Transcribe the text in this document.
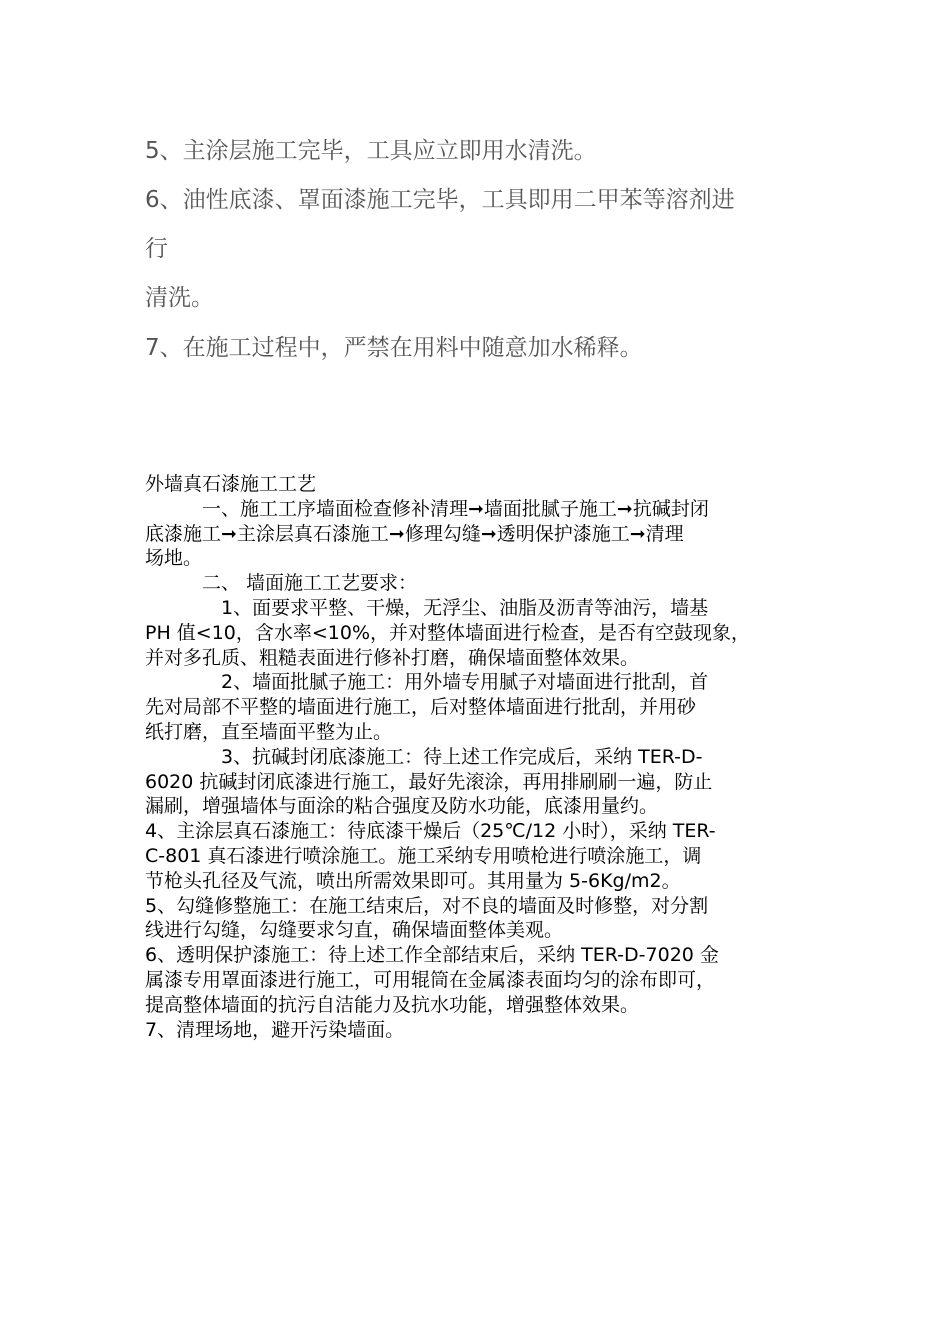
5、主涂层施工完毕，工具应立即用水清洗。

6、油性底漆、罩面漆施工完毕，工具即用二甲苯等溶剂进

行

清洗。

7、在施工过程中，严禁在用料中随意加水稀释。

外墙真石漆施工工艺

　　　一、施工工序墙面检查修补清理➞墙面批腻子施工➞抗碱封闭

底漆施工➞主涂层真石漆施工➞修理勾缝➞透明保护漆施工➞清理

场地。

　　　二、 墙面施工工艺要求：

　　　　1、面要求平整、干燥，无浮尘、油脂及沥青等油污，墙基

PH 值<10，含水率<10%，并对整体墙面进行检查，是否有空鼓现象，

并对多孔质、粗糙表面进行修补打磨，确保墙面整体效果。

　　　　2、墙面批腻子施工：用外墙专用腻子对墙面进行批刮，首

先对局部不平整的墙面进行施工，后对整体墙面进行批刮，并用砂

纸打磨，直至墙面平整为止。

　　　　3、抗碱封闭底漆施工：待上述工作完成后，采纳 TER-D-

6020 抗碱封闭底漆进行施工，最好先滚涂，再用排刷刷一遍，防止

漏刷，增强墙体与面涂的粘合强度及防水功能，底漆用量约。

4、主涂层真石漆施工：待底漆干燥后（25℃/12 小时），采纳 TER-

C-801 真石漆进行喷涂施工。施工采纳专用喷枪进行喷涂施工，调

节枪头孔径及气流，喷出所需效果即可。其用量为 5-6Kg/m2。

5、勾缝修整施工：在施工结束后，对不良的墙面及时修整，对分割

线进行勾缝，勾缝要求匀直，确保墙面整体美观。

6、透明保护漆施工：待上述工作全部结束后，采纳 TER-D-7020 金

属漆专用罩面漆进行施工，可用辊筒在金属漆表面均匀的涂布即可，

提高整体墙面的抗污自洁能力及抗水功能，增强整体效果。

7、清理场地，避开污染墙面。
